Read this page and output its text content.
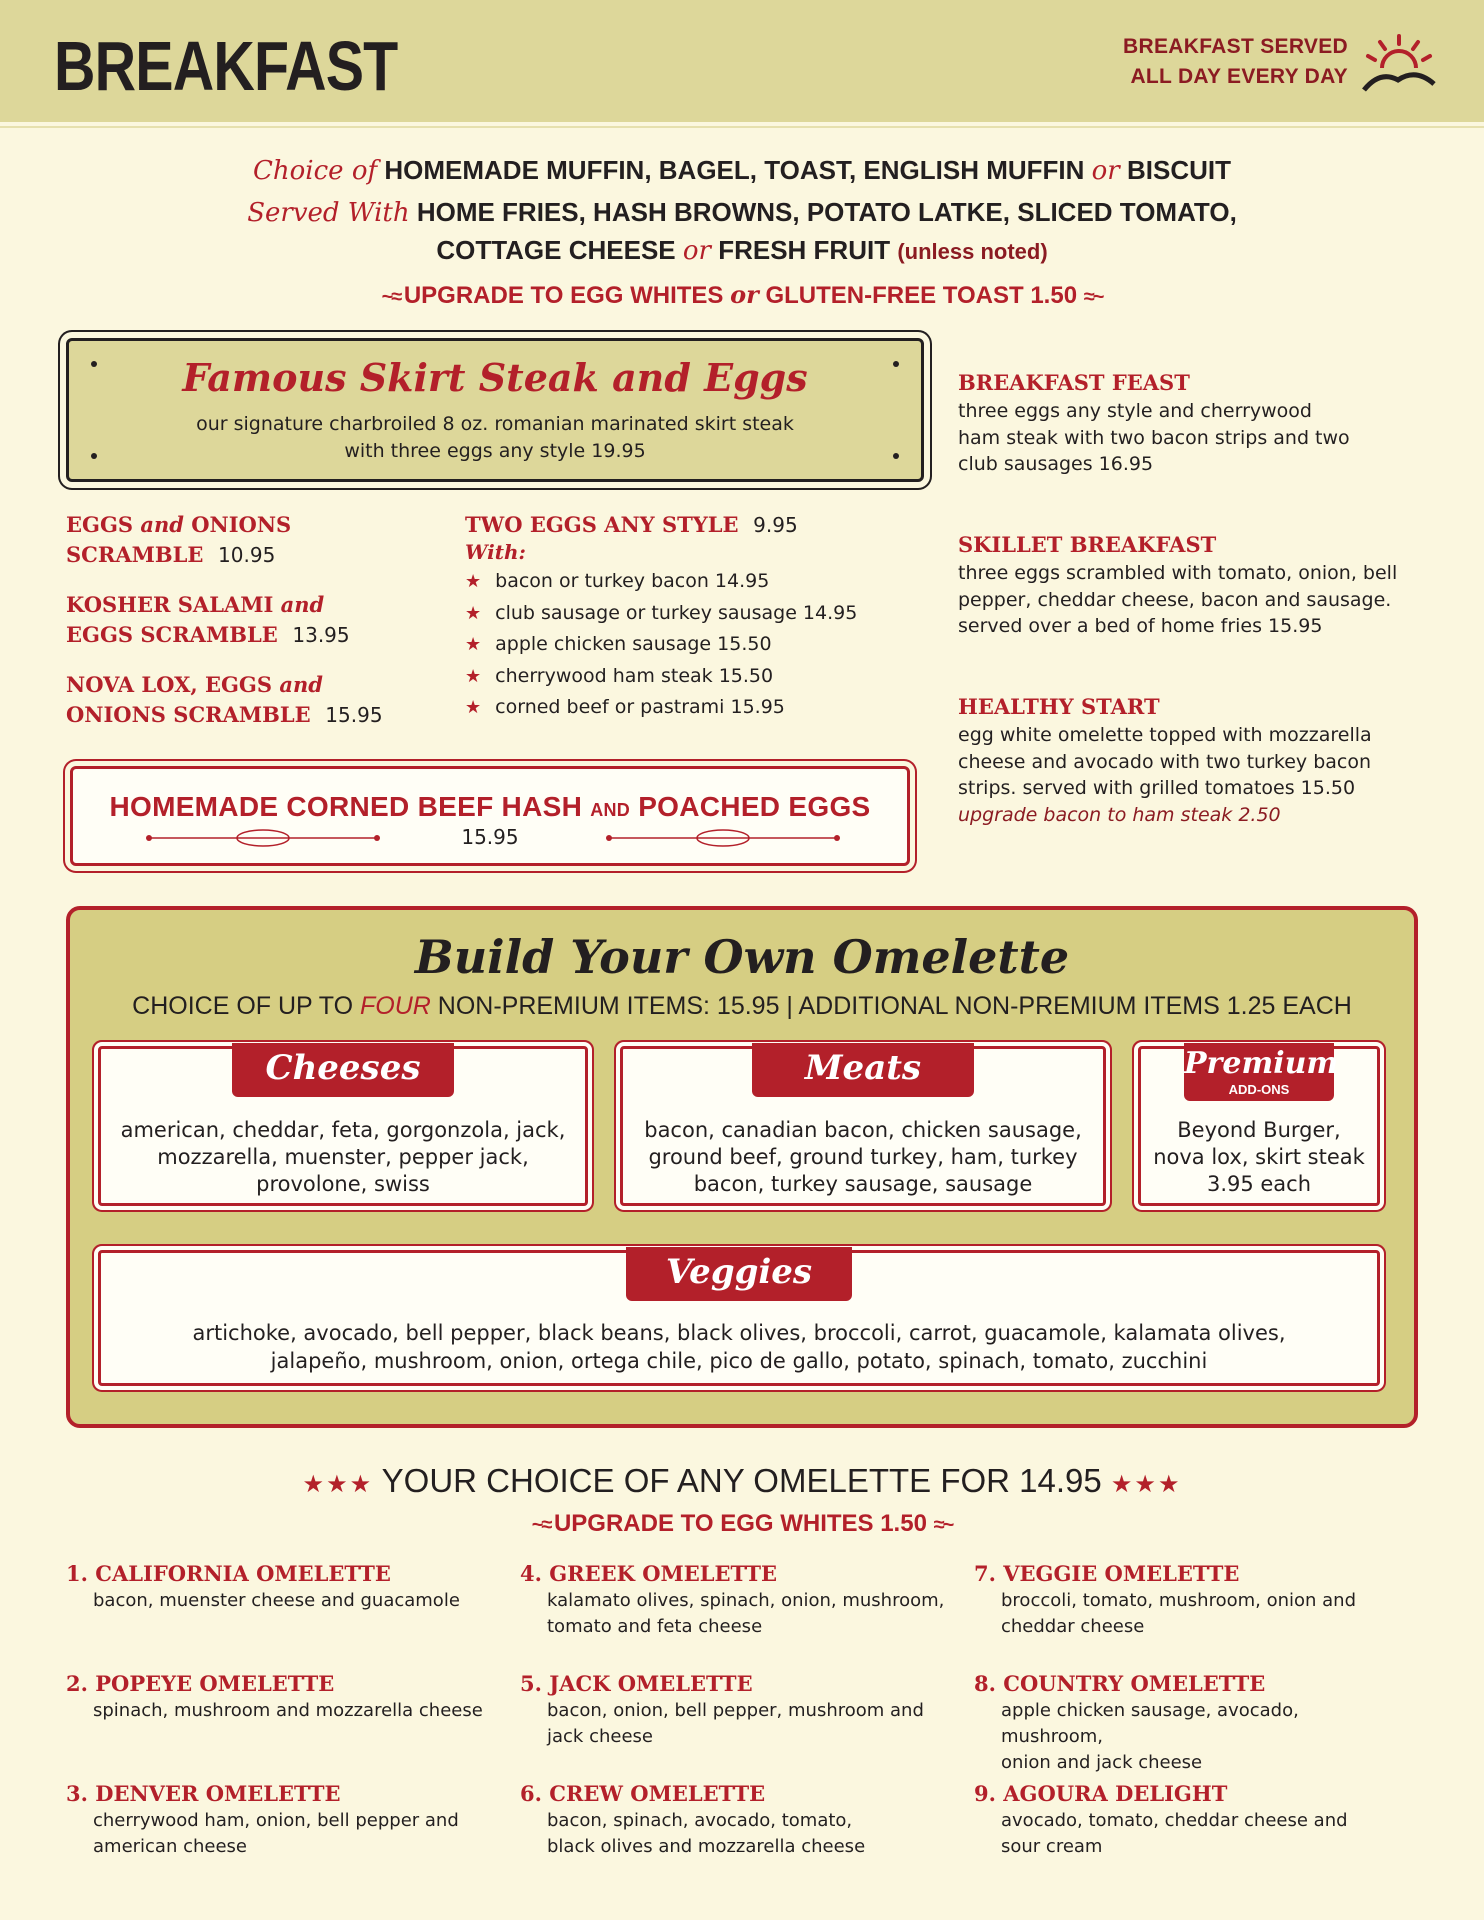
BREAKFAST	BREAKFAST SERVED
ALL DAY EVERY DAY
Choice of HOMEMADE MUFFIN, BAGEL, TOAST, ENGLISH MUFFIN or BISCUIT
Served With HOME FRIES, HASH BROWNS, POTATO LATKE, SLICED TOMATO,
COTTAGE CHEESE or FRESH FRUIT (unless noted)
~≈ UPGRADE TO EGG WHITES or GLUTEN-FREE TOAST 1.50 ≈~
Famous Skirt Steak and Eggs

our signature charbroiled 8 oz. romanian marinated skirt steak
with three eggs any style 19.95

EGGS and ONIONS
SCRAMBLE 10.95
KOSHER SALAMI and
EGGS SCRAMBLE 13.95
NOVA LOX, EGGS and
ONIONS SCRAMBLE 15.95
TWO EGGS ANY STYLE 9.95
With:
★ bacon or turkey bacon 14.95
★ club sausage or turkey sausage 14.95
★ apple chicken sausage 15.50
★ cherrywood ham steak 15.50
★ corned beef or pastrami 15.95
BREAKFAST FEAST
three eggs any style and cherrywood
ham steak with two bacon strips and two
club sausages 16.95
SKILLET BREAKFAST
three eggs scrambled with tomato, onion, bell
pepper, cheddar cheese, bacon and sausage.
served over a bed of home fries 15.95
HEALTHY START
egg white omelette topped with mozzarella
cheese and avocado with two turkey bacon
strips. served with grilled tomatoes 15.50
upgrade bacon to ham steak 2.50
HOMEMADE CORNED BEEF HASH AND POACHED EGGS
15.95
Build Your Own Omelette
CHOICE OF UP TO FOUR NON-PREMIUM ITEMS: 15.95 | ADDITIONAL NON-PREMIUM ITEMS 1.25 EACH
Cheeses
american, cheddar, feta, gorgonzola, jack, mozzarella, muenster, pepper jack, provolone, swiss
Meats
bacon, canadian bacon, chicken sausage, ground beef, ground turkey, ham, turkey bacon, turkey sausage, sausage
Premium
ADD-ONS
Beyond Burger, nova lox, skirt steak 3.95 each
Veggies
artichoke, avocado, bell pepper, black beans, black olives, broccoli, carrot, guacamole, kalamata olives,
jalapeño, mushroom, onion, ortega chile, pico de gallo, potato, spinach, tomato, zucchini
★★★ YOUR CHOICE OF ANY OMELETTE FOR 14.95 ★★★
~≈ UPGRADE TO EGG WHITES 1.50 ≈~
1. CALIFORNIA OMELETTE
bacon, muenster cheese and guacamole
4. GREEK OMELETTE
kalamato olives, spinach, onion, mushroom,
tomato and feta cheese
7. VEGGIE OMELETTE
broccoli, tomato, mushroom, onion and
cheddar cheese
2. POPEYE OMELETTE
spinach, mushroom and mozzarella cheese
5. JACK OMELETTE
bacon, onion, bell pepper, mushroom and
jack cheese
8. COUNTRY OMELETTE
apple chicken sausage, avocado, mushroom,
onion and jack cheese
3. DENVER OMELETTE
cherrywood ham, onion, bell pepper and
american cheese
6. CREW OMELETTE
bacon, spinach, avocado, tomato,
black olives and mozzarella cheese
9. AGOURA DELIGHT
avocado, tomato, cheddar cheese and
sour cream
